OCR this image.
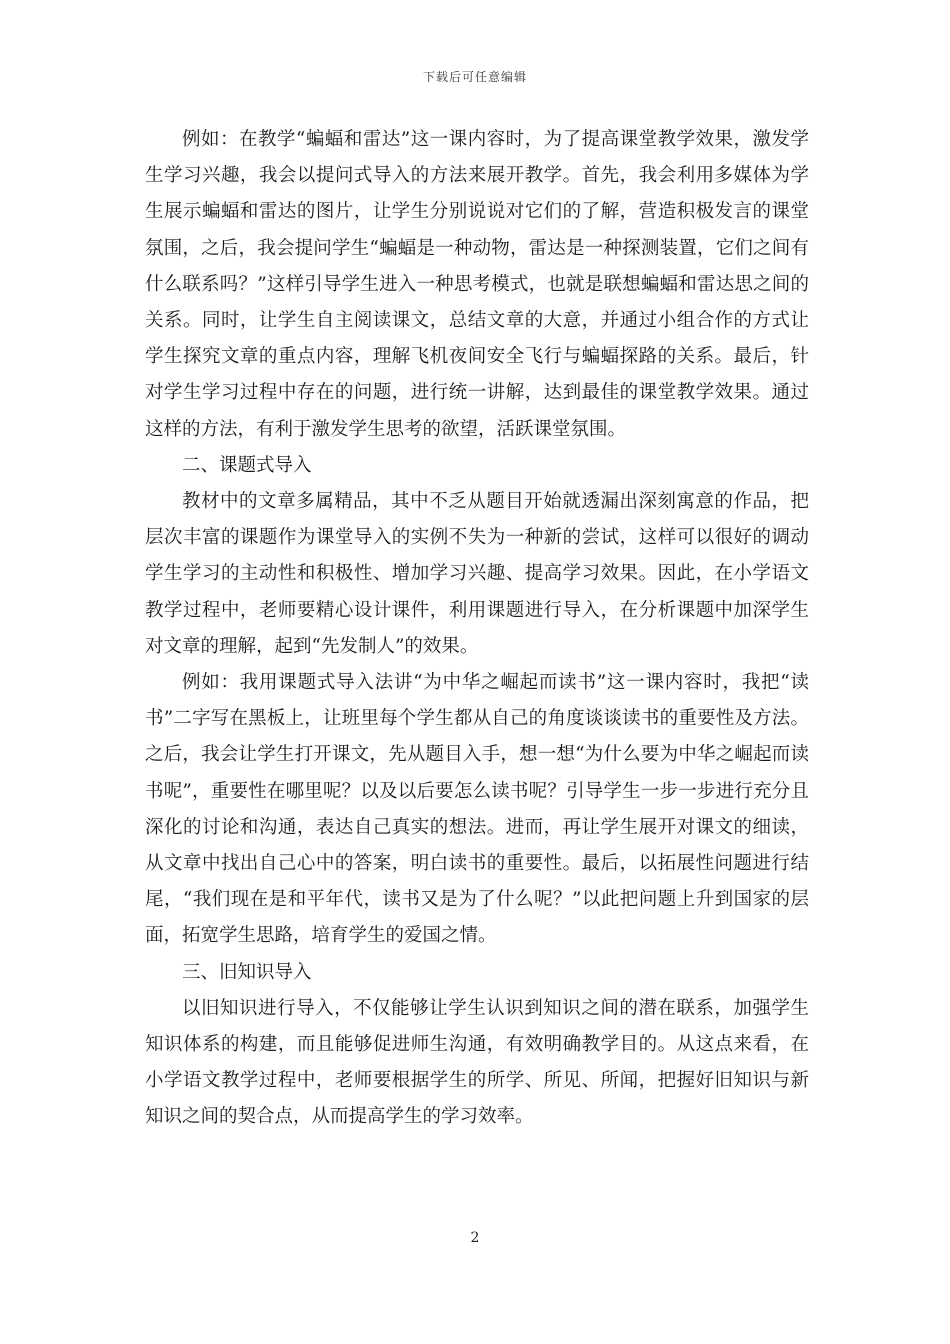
下载后可任意编辑

例如：在教学“蝙蝠和雷达”这一课内容时，为了提高课堂教学效果，激发学生学习兴趣，我会以提问式导入的方法来展开教学。首先，我会利用多媒体为学生展示蝙蝠和雷达的图片，让学生分别说说对它们的了解，营造积极发言的课堂氛围，之后，我会提问学生“蝙蝠是一种动物，雷达是一种探测装置，它们之间有什么联系吗？”这样引导学生进入一种思考模式，也就是联想蝙蝠和雷达思之间的关系。同时，让学生自主阅读课文，总结文章的大意，并通过小组合作的方式让学生探究文章的重点内容，理解飞机夜间安全飞行与蝙蝠探路的关系。最后，针对学生学习过程中存在的问题，进行统一讲解，达到最佳的课堂教学效果。通过这样的方法，有利于激发学生思考的欲望，活跃课堂氛围。

二、课题式导入

教材中的文章多属精品，其中不乏从题目开始就透漏出深刻寓意的作品，把层次丰富的课题作为课堂导入的实例不失为一种新的尝试，这样可以很好的调动学生学习的主动性和积极性、增加学习兴趣、提高学习效果。因此，在小学语文教学过程中，老师要精心设计课件，利用课题进行导入，在分析课题中加深学生对文章的理解，起到“先发制人”的效果。

例如：我用课题式导入法讲“为中华之崛起而读书”这一课内容时，我把“读书”二字写在黑板上，让班里每个学生都从自己的角度谈谈读书的重要性及方法。之后，我会让学生打开课文，先从题目入手，想一想“为什么要为中华之崛起而读书呢”，重要性在哪里呢？以及以后要怎么读书呢？引导学生一步一步进行充分且深化的讨论和沟通，表达自己真实的想法。进而，再让学生展开对课文的细读，从文章中找出自己心中的答案，明白读书的重要性。最后，以拓展性问题进行结尾，“我们现在是和平年代，读书又是为了什么呢？”以此把问题上升到国家的层面，拓宽学生思路，培育学生的爱国之情。

三、旧知识导入

以旧知识进行导入，不仅能够让学生认识到知识之间的潜在联系，加强学生知识体系的构建，而且能够促进师生沟通，有效明确教学目的。从这点来看，在小学语文教学过程中，老师要根据学生的所学、所见、所闻，把握好旧知识与新知识之间的契合点，从而提高学生的学习效率。

2
